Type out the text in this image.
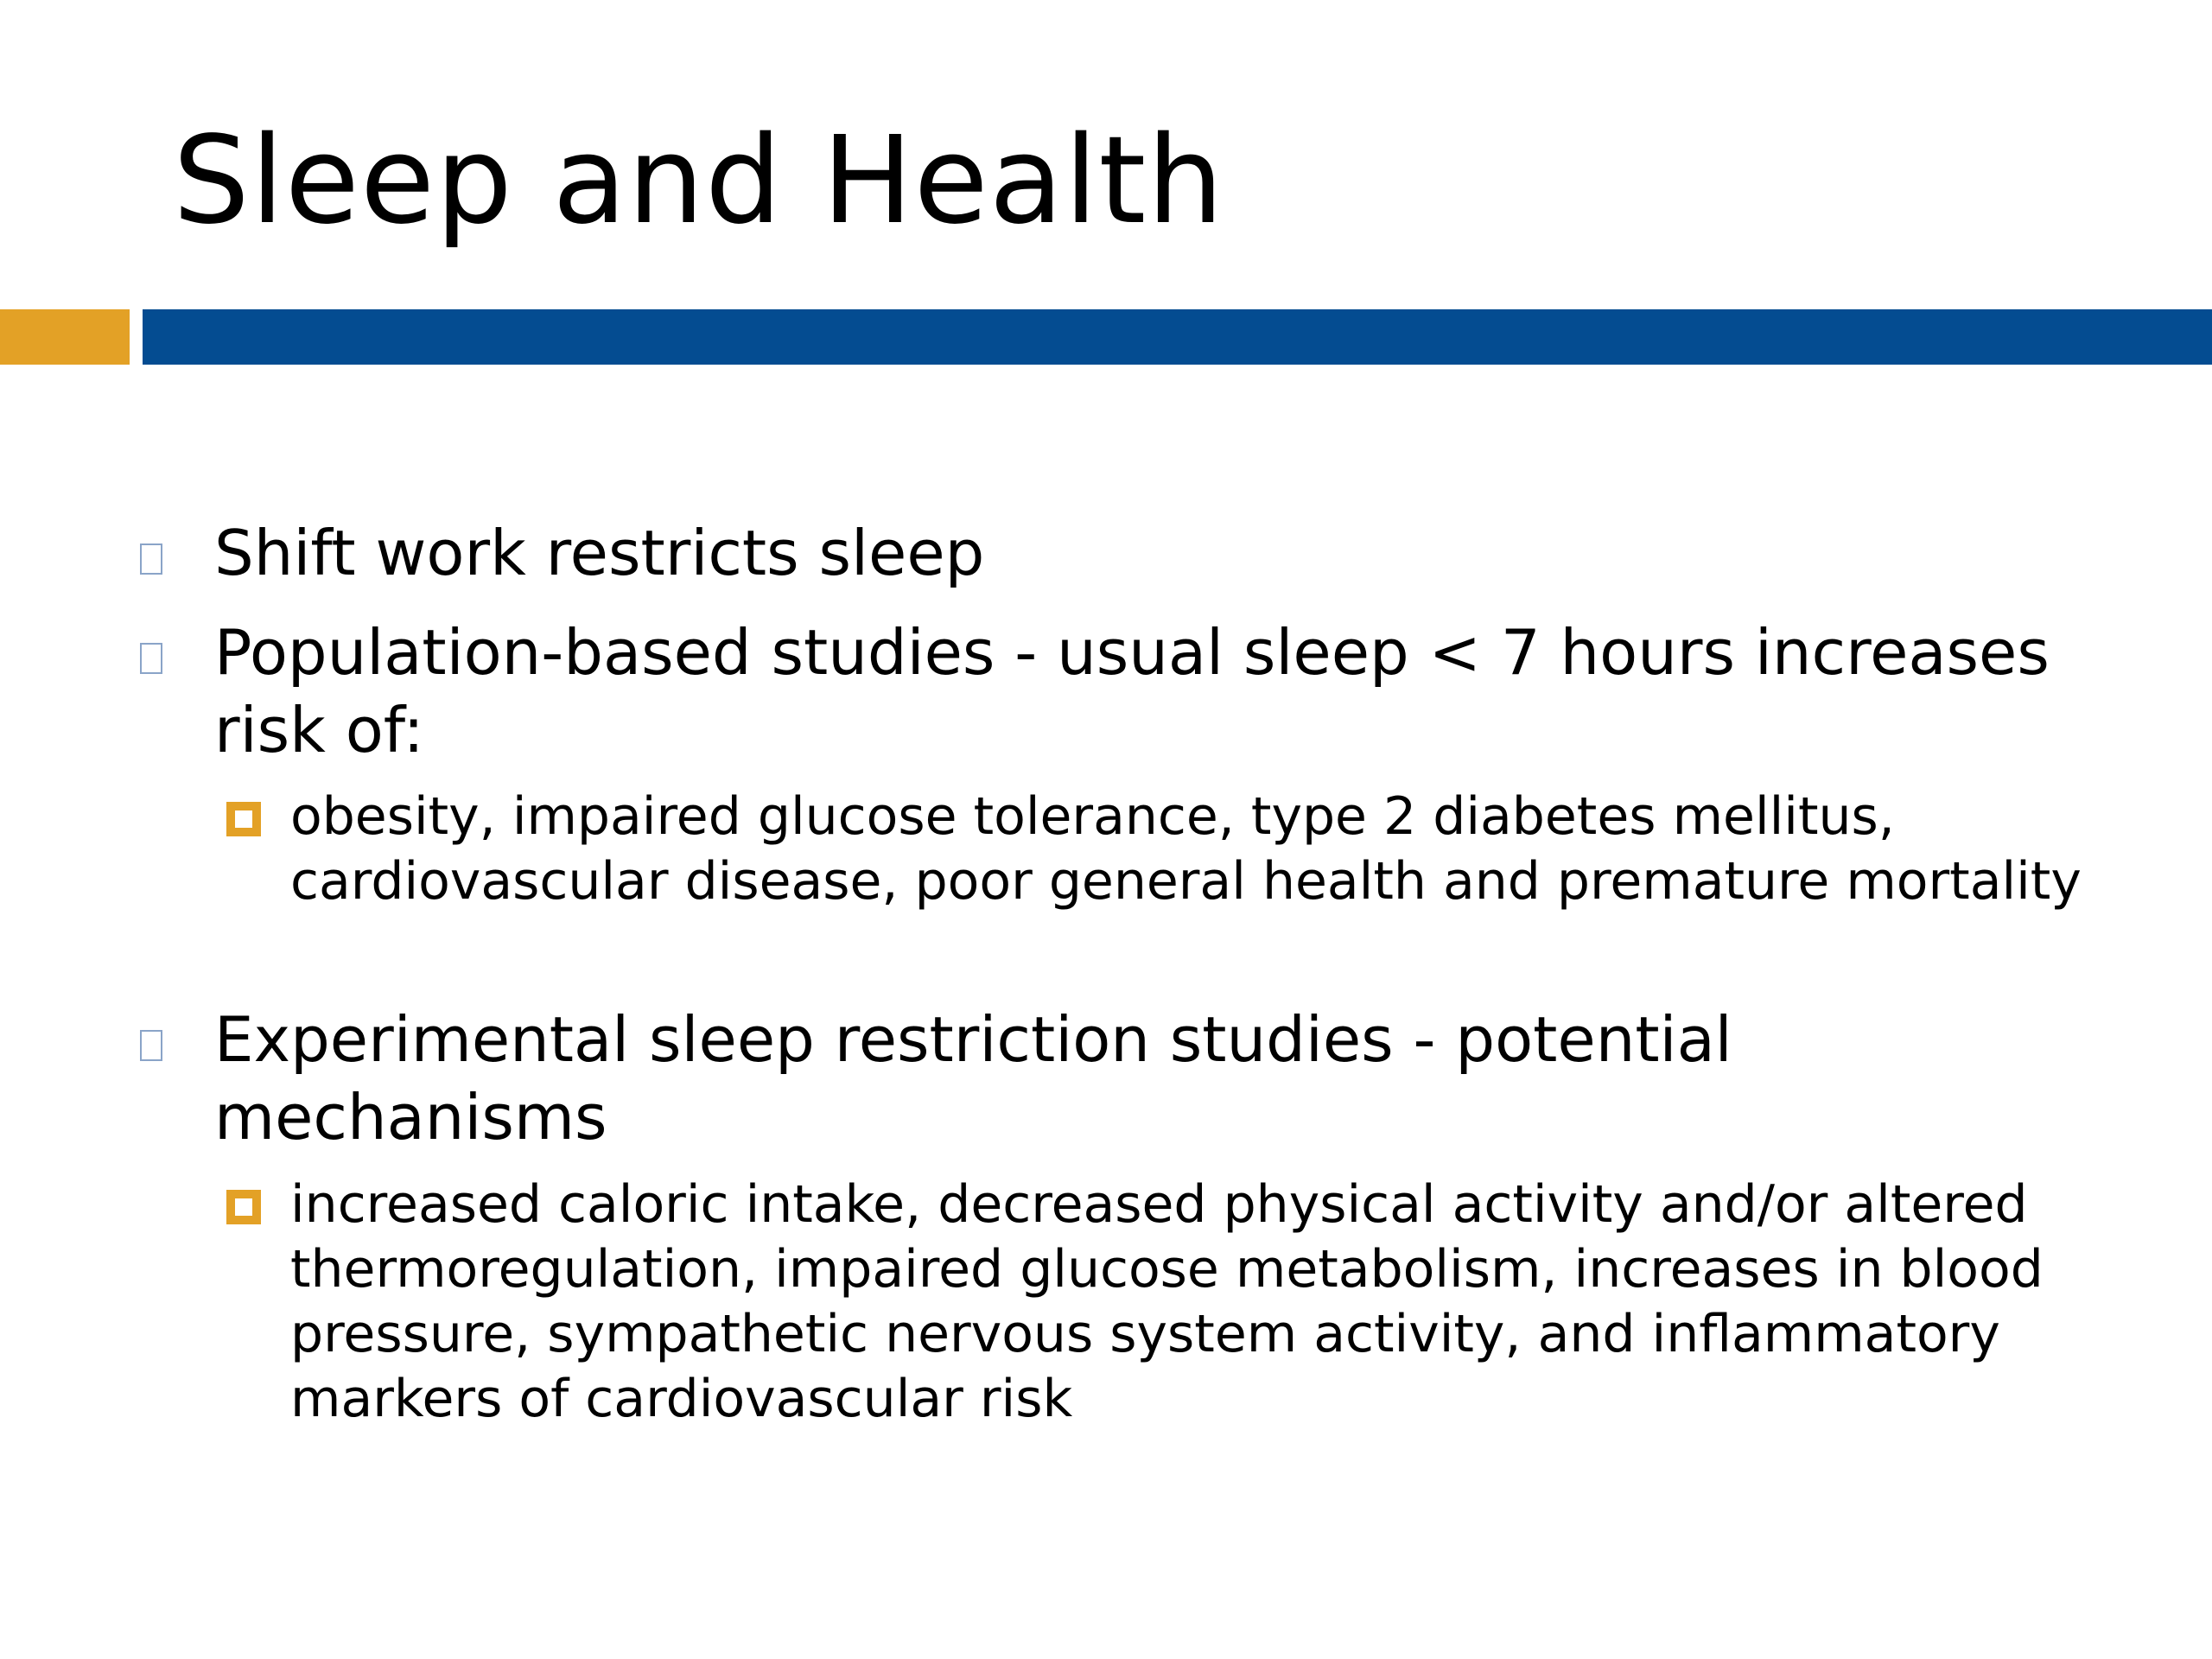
Sleep and Health
Shift work restricts sleep
Population-based studies - usual sleep < 7 hours increases risk of:
obesity, impaired glucose tolerance, type 2 diabetes mellitus, cardiovascular disease, poor general health and premature mortality
Experimental sleep restriction studies - potential mechanisms
increased caloric intake, decreased physical activity and/or altered thermoregulation, impaired glucose metabolism, increases in blood pressure, sympathetic nervous system activity, and inflammatory markers of cardiovascular risk
